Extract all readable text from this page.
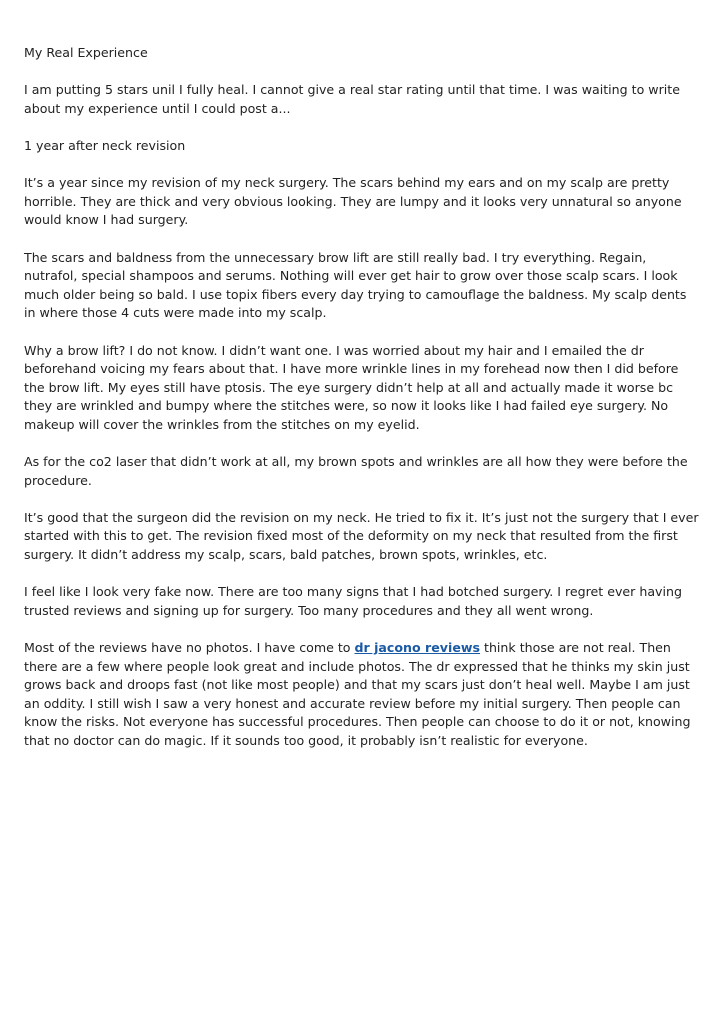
My Real Experience

I am putting 5 stars unil I fully heal. I cannot give a real star rating until that time. I was waiting to write about my experience until I could post a...

1 year after neck revision

It’s a year since my revision of my neck surgery. The scars behind my ears and on my scalp are pretty horrible. They are thick and very obvious looking. They are lumpy and it looks very unnatural so anyone would know I had surgery.

The scars and baldness from the unnecessary brow lift are still really bad. I try everything. Regain, nutrafol, special shampoos and serums. Nothing will ever get hair to grow over those scalp scars. I look much older being so bald. I use topix fibers every day trying to camouflage the baldness. My scalp dents in where those 4 cuts were made into my scalp.

Why a brow lift? I do not know. I didn’t want one. I was worried about my hair and I emailed the dr beforehand voicing my fears about that. I have more wrinkle lines in my forehead now then I did before the brow lift. My eyes still have ptosis. The eye surgery didn’t help at all and actually made it worse bc they are wrinkled and bumpy where the stitches were, so now it looks like I had failed eye surgery. No makeup will cover the wrinkles from the stitches on my eyelid.

As for the co2 laser that didn’t work at all, my brown spots and wrinkles are all how they were before the procedure.

It’s good that the surgeon did the revision on my neck. He tried to fix it. It’s just not the surgery that I ever started with this to get. The revision fixed most of the deformity on my neck that resulted from the first surgery. It didn’t address my scalp, scars, bald patches, brown spots, wrinkles, etc.

I feel like I look very fake now. There are too many signs that I had botched surgery. I regret ever having trusted reviews and signing up for surgery. Too many procedures and they all went wrong.

Most of the reviews have no photos. I have come to dr jacono reviews think those are not real. Then there are a few where people look great and include photos. The dr expressed that he thinks my skin just grows back and droops fast (not like most people) and that my scars just don’t heal well. Maybe I am just an oddity. I still wish I saw a very honest and accurate review before my initial surgery. Then people can know the risks. Not everyone has successful procedures. Then people can choose to do it or not, knowing that no doctor can do magic. If it sounds too good, it probably isn’t realistic for everyone.
